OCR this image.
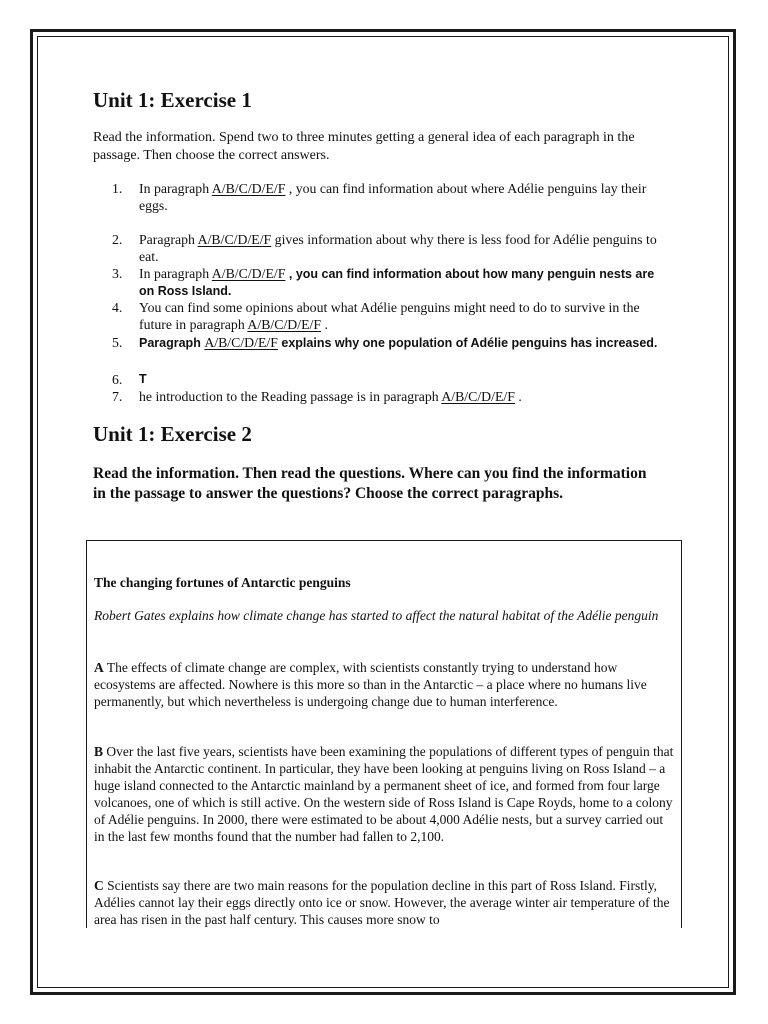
Unit 1: Exercise 1
Read the information. Spend two to three minutes getting a general idea of each paragraph in the passage. Then choose the correct answers.
1.	In paragraph A/B/C/D/E/F , you can find information about where Adélie penguins lay their eggs.
2.	Paragraph A/B/C/D/E/F gives information about why there is less food for Adélie penguins to eat.
3.	In paragraph A/B/C/D/E/F , you can find information about how many penguin nests are on Ross Island.
4.	You can find some opinions about what Adélie penguins might need to do to survive in the future in paragraph A/B/C/D/E/F .
5.	Paragraph A/B/C/D/E/F explains why one population of Adélie penguins has increased.
6.	T
7.	he introduction to the Reading passage is in paragraph A/B/C/D/E/F .
Unit 1: Exercise 2
Read the information. Then read the questions. Where can you find the information in the passage to answer the questions? Choose the correct paragraphs.
The changing fortunes of Antarctic penguins
Robert Gates explains how climate change has started to affect the natural habitat of the Adélie penguin
A The effects of climate change are complex, with scientists constantly trying to understand how ecosystems are affected. Nowhere is this more so than in the Antarctic – a place where no humans live permanently, but which nevertheless is undergoing change due to human interference.
B Over the last five years, scientists have been examining the populations of different types of penguin that inhabit the Antarctic continent. In particular, they have been looking at penguins living on Ross Island – a huge island connected to the Antarctic mainland by a permanent sheet of ice, and formed from four large volcanoes, one of which is still active. On the western side of Ross Island is Cape Royds, home to a colony of Adélie penguins. In 2000, there were estimated to be about 4,000 Adélie nests, but a survey carried out in the last few months found that the number had fallen to 2,100.
C Scientists say there are two main reasons for the population decline in this part of Ross Island. Firstly, Adélies cannot lay their eggs directly onto ice or snow. However, the average winter air temperature of the area has risen in the past half century. This causes more snow to
